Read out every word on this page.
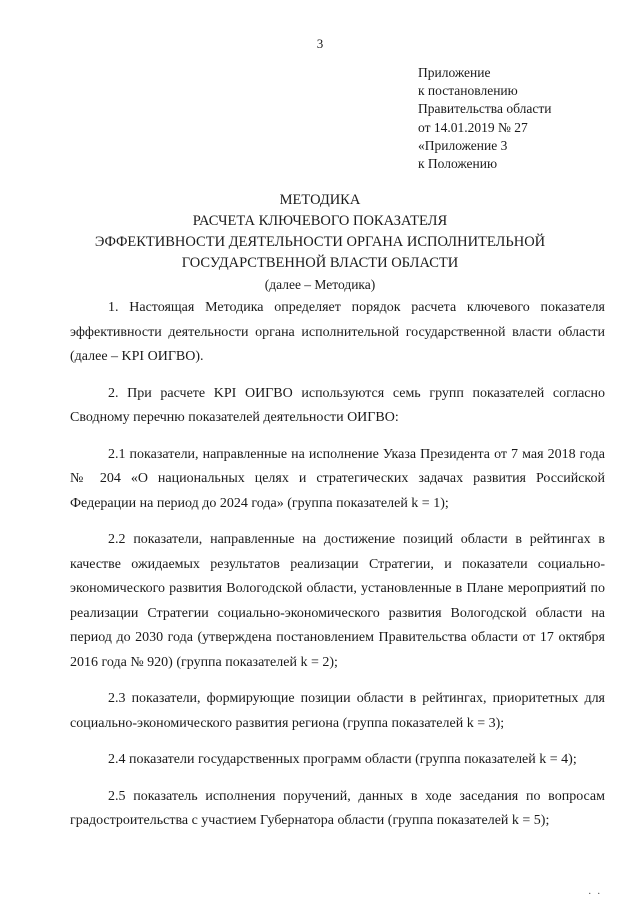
3
Приложение
к постановлению
Правительства области
от 14.01.2019 № 27
«Приложение 3
к Положению
МЕТОДИКА
РАСЧЕТА КЛЮЧЕВОГО ПОКАЗАТЕЛЯ
ЭФФЕКТИВНОСТИ ДЕЯТЕЛЬНОСТИ ОРГАНА ИСПОЛНИТЕЛЬНОЙ
ГОСУДАРСТВЕННОЙ ВЛАСТИ ОБЛАСТИ
(далее – Методика)

1. Настоящая Методика определяет порядок расчета ключевого показателя эффективности деятельности органа исполнительной государственной власти области (далее – KPI ОИГВО).

2. При расчете KPI ОИГВО используются семь групп показателей согласно Сводному перечню показателей деятельности ОИГВО:

2.1 показатели, направленные на исполнение Указа Президента от 7 мая 2018 года № 204 «О национальных целях и стратегических задачах развития Российской Федерации на период до 2024 года» (группа показателей k = 1);

2.2 показатели, направленные на достижение позиций области в рейтингах в качестве ожидаемых результатов реализации Стратегии, и показатели социально-экономического развития Вологодской области, установленные в Плане мероприятий по реализации Стратегии социально-экономического развития Вологодской области на период до 2030 года (утверждена постановлением Правительства области от 17 октября 2016 года № 920) (группа показателей k = 2);

2.3 показатели, формирующие позиции области в рейтингах, приоритетных для социально-экономического развития региона (группа показателей k = 3);

2.4 показатели государственных программ области (группа показателей k = 4);

2.5 показатель исполнения поручений, данных в ходе заседания по вопросам градостроительства с участием Губернатора области (группа показателей k = 5);

. .
